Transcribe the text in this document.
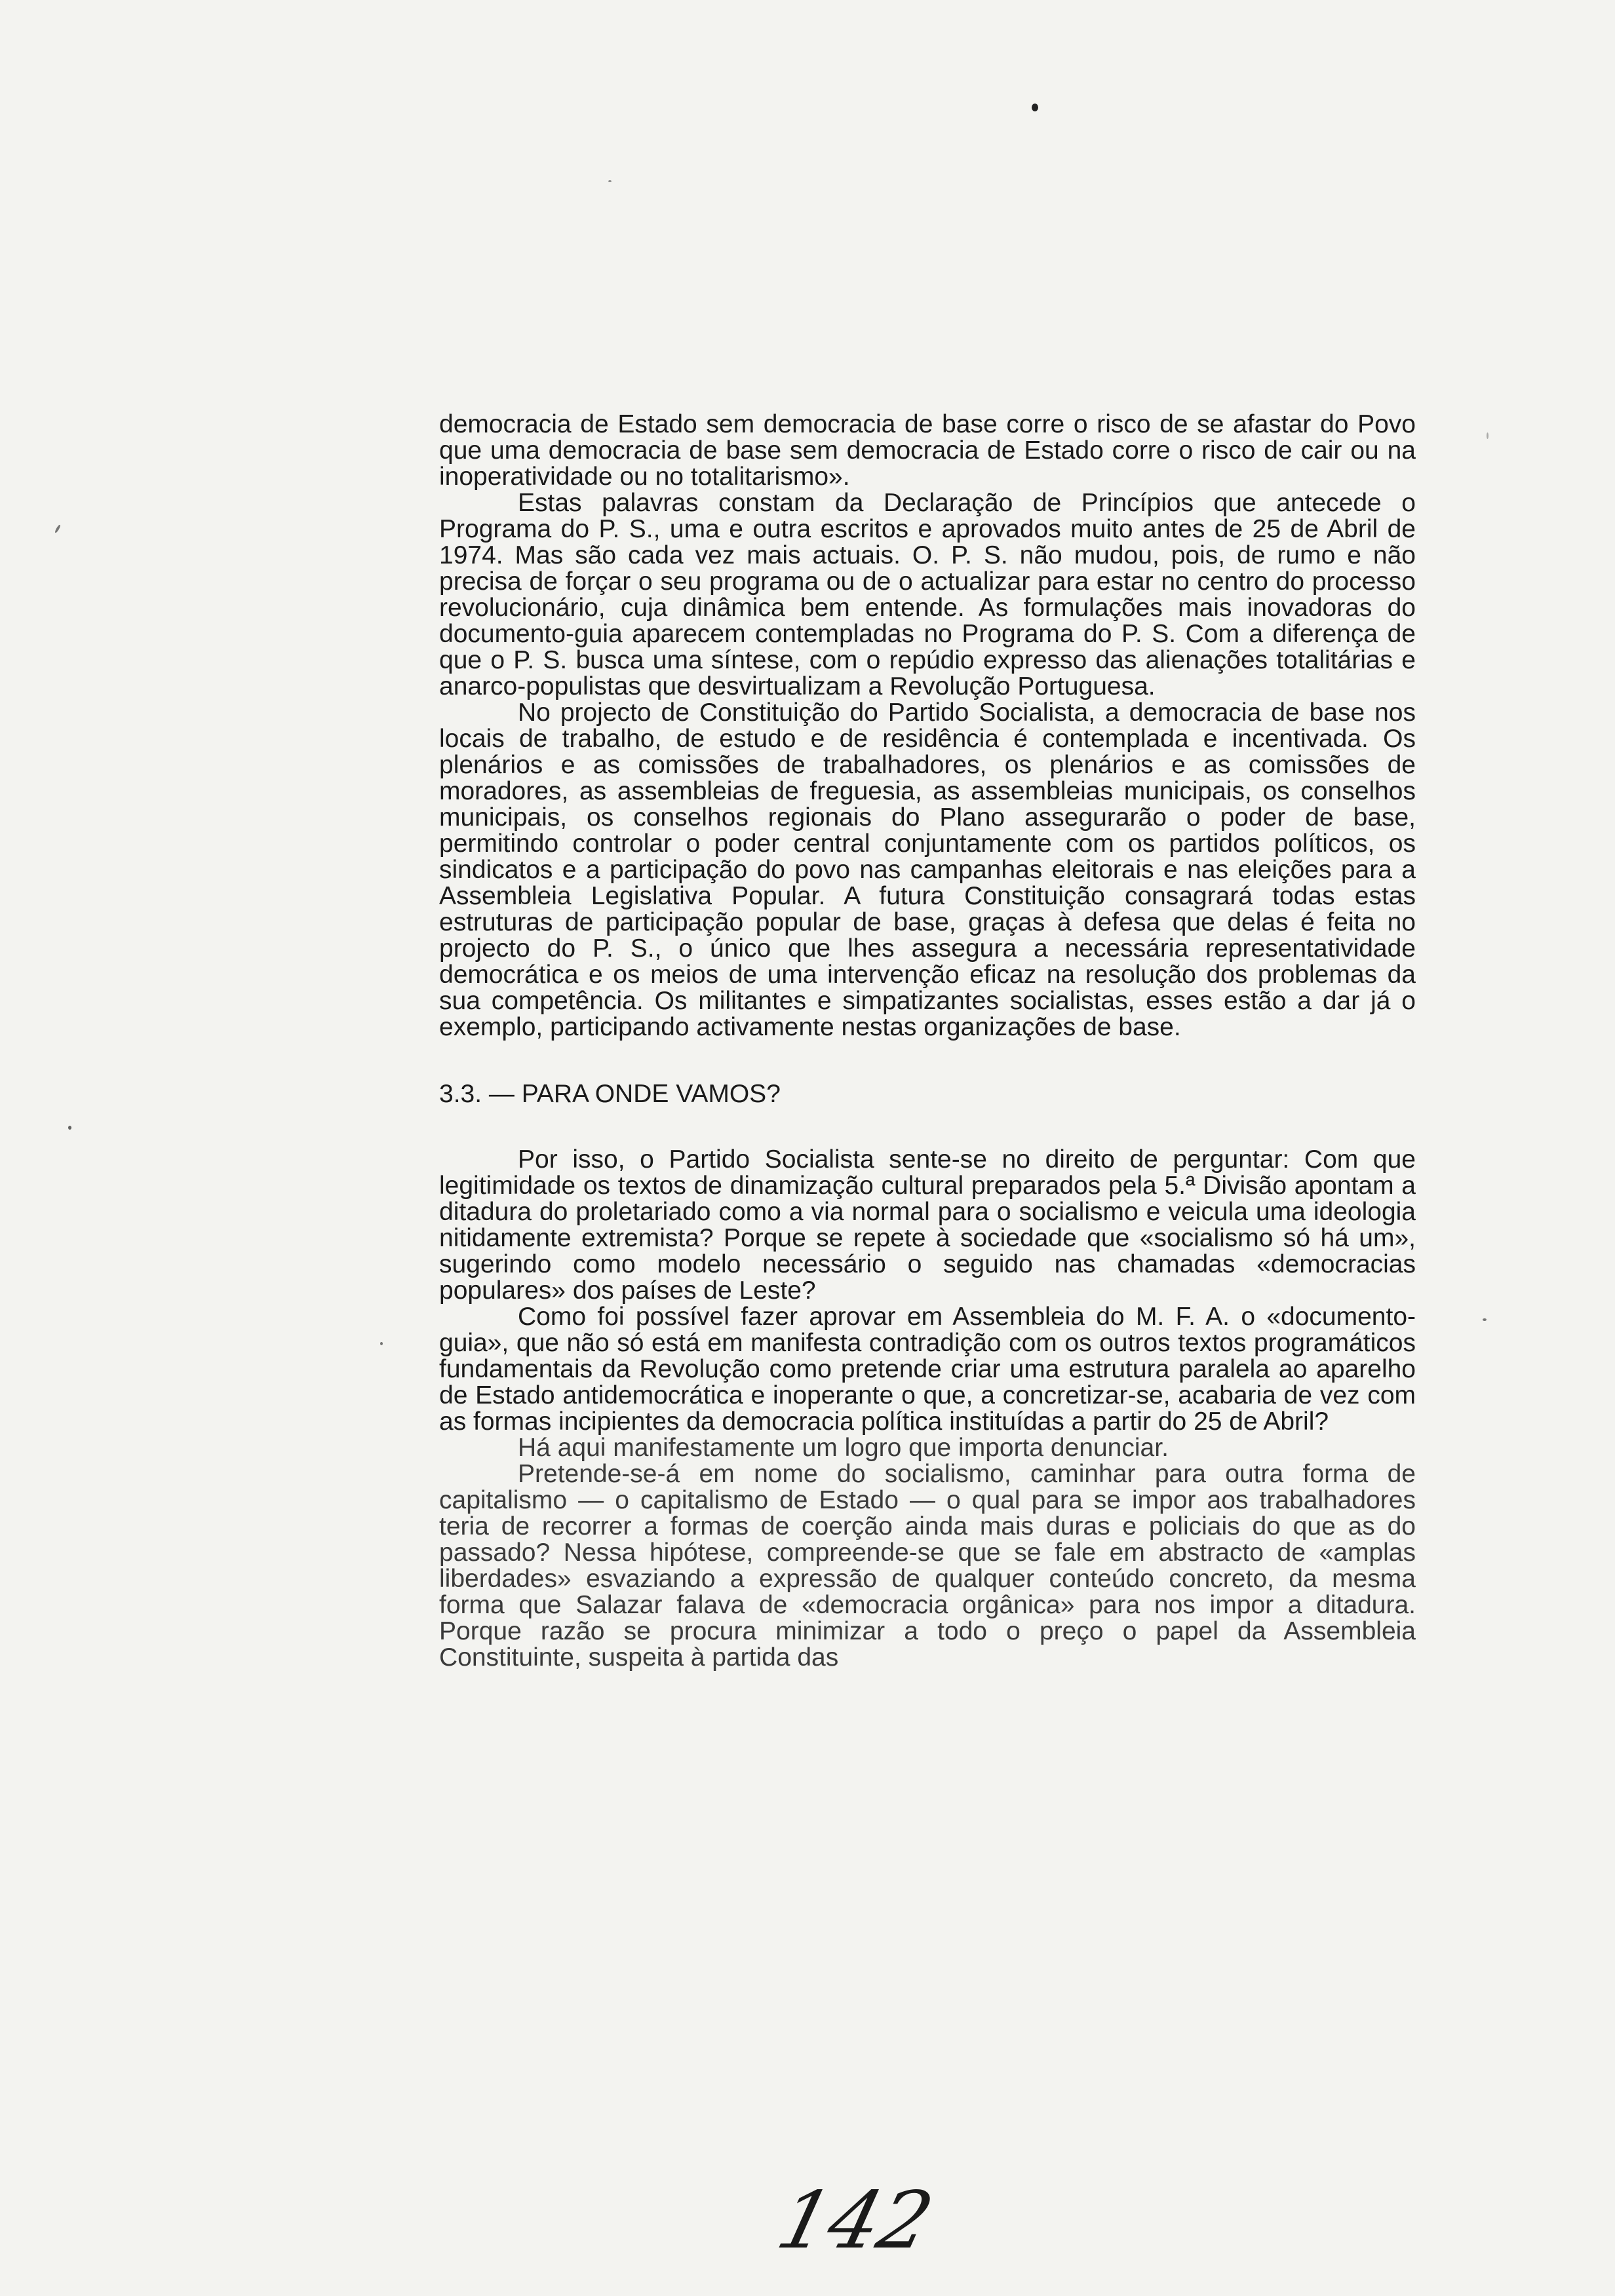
democracia de Estado sem democracia de base corre o risco de se afastar do Povo que uma democracia de base sem democracia de Estado corre o risco de cair ou na inoperatividade ou no totalitarismo».

Estas palavras constam da Declaração de Princípios que antecede o Programa do P. S., uma e outra escritos e aprovados muito antes de 25 de Abril de 1974. Mas são cada vez mais actuais. O. P. S. não mudou, pois, de rumo e não precisa de forçar o seu programa ou de o actualizar para estar no centro do processo revolucionário, cuja dinâmica bem entende. As formulações mais inovadoras do documento-guia aparecem contempladas no Programa do P. S. Com a diferença de que o P. S. busca uma síntese, com o repúdio expresso das alienações totalitárias e anarco-populistas que desvirtualizam a Revolução Portuguesa.

No projecto de Constituição do Partido Socialista, a democracia de base nos locais de trabalho, de estudo e de residência é contemplada e incentivada. Os plenários e as comissões de trabalhadores, os plenários e as comissões de moradores, as assembleias de freguesia, as assembleias municipais, os conselhos municipais, os conselhos regionais do Plano assegurarão o poder de base, permitindo controlar o poder central conjuntamente com os partidos políticos, os sindicatos e a participação do povo nas campanhas eleitorais e nas eleições para a Assembleia Legislativa Popular. A futura Constituição consagrará todas estas estruturas de participação popular de base, graças à defesa que delas é feita no projecto do P. S., o único que lhes assegura a necessária representatividade democrática e os meios de uma intervenção eficaz na resolução dos problemas da sua competência. Os militantes e simpatizantes socialistas, esses estão a dar já o exemplo, participando activamente nestas organizações de base.

3.3. — PARA ONDE VAMOS?

Por isso, o Partido Socialista sente-se no direito de perguntar: Com que legitimidade os textos de dinamização cultural preparados pela 5.ª Divisão apontam a ditadura do proletariado como a via normal para o socialismo e veicula uma ideologia nitidamente extremista? Porque se repete à sociedade que «socialismo só há um», sugerindo como modelo necessário o seguido nas chamadas «democracias populares» dos países de Leste?

Como foi possível fazer aprovar em Assembleia do M. F. A. o «documento-guia», que não só está em manifesta contradição com os outros textos programáticos fundamentais da Revolução como pretende criar uma estrutura paralela ao aparelho de Estado antidemocrática e inoperante o que, a concretizar-se, acabaria de vez com as formas incipientes da democracia política instituídas a partir do 25 de Abril?

Há aqui manifestamente um logro que importa denunciar.

Pretende-se-á em nome do socialismo, caminhar para outra forma de capitalismo — o capitalismo de Estado — o qual para se impor aos trabalhadores teria de recorrer a formas de coerção ainda mais duras e policiais do que as do passado? Nessa hipótese, compreende-se que se fale em abstracto de «amplas liberdades» esvaziando a expressão de qualquer conteúdo concreto, da mesma forma que Salazar falava de «democracia orgânica» para nos impor a ditadura. Porque razão se procura minimizar a todo o preço o papel da Assembleia Constituinte, suspeita à partida das

142
